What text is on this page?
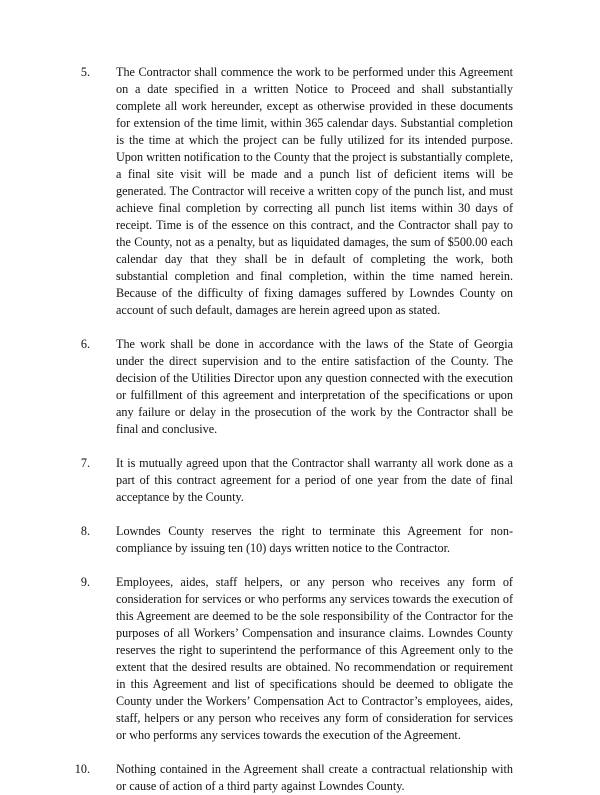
5. The Contractor shall commence the work to be performed under this Agreement on a date specified in a written Notice to Proceed and shall substantially complete all work hereunder, except as otherwise provided in these documents for extension of the time limit, within 365 calendar days. Substantial completion is the time at which the project can be fully utilized for its intended purpose. Upon written notification to the County that the project is substantially complete, a final site visit will be made and a punch list of deficient items will be generated. The Contractor will receive a written copy of the punch list, and must achieve final completion by correcting all punch list items within 30 days of receipt. Time is of the essence on this contract, and the Contractor shall pay to the County, not as a penalty, but as liquidated damages, the sum of $500.00 each calendar day that they shall be in default of completing the work, both substantial completion and final completion, within the time named herein. Because of the difficulty of fixing damages suffered by Lowndes County on account of such default, damages are herein agreed upon as stated.
6. The work shall be done in accordance with the laws of the State of Georgia under the direct supervision and to the entire satisfaction of the County. The decision of the Utilities Director upon any question connected with the execution or fulfillment of this agreement and interpretation of the specifications or upon any failure or delay in the prosecution of the work by the Contractor shall be final and conclusive.
7. It is mutually agreed upon that the Contractor shall warranty all work done as a part of this contract agreement for a period of one year from the date of final acceptance by the County.
8. Lowndes County reserves the right to terminate this Agreement for non-compliance by issuing ten (10) days written notice to the Contractor.
9. Employees, aides, staff helpers, or any person who receives any form of consideration for services or who performs any services towards the execution of this Agreement are deemed to be the sole responsibility of the Contractor for the purposes of all Workers’ Compensation and insurance claims. Lowndes County reserves the right to superintend the performance of this Agreement only to the extent that the desired results are obtained. No recommendation or requirement in this Agreement and list of specifications should be deemed to obligate the County under the Workers’ Compensation Act to Contractor’s employees, aides, staff, helpers or any person who receives any form of consideration for services or who performs any services towards the execution of the Agreement.
10. Nothing contained in the Agreement shall create a contractual relationship with or cause of action of a third party against Lowndes County.
